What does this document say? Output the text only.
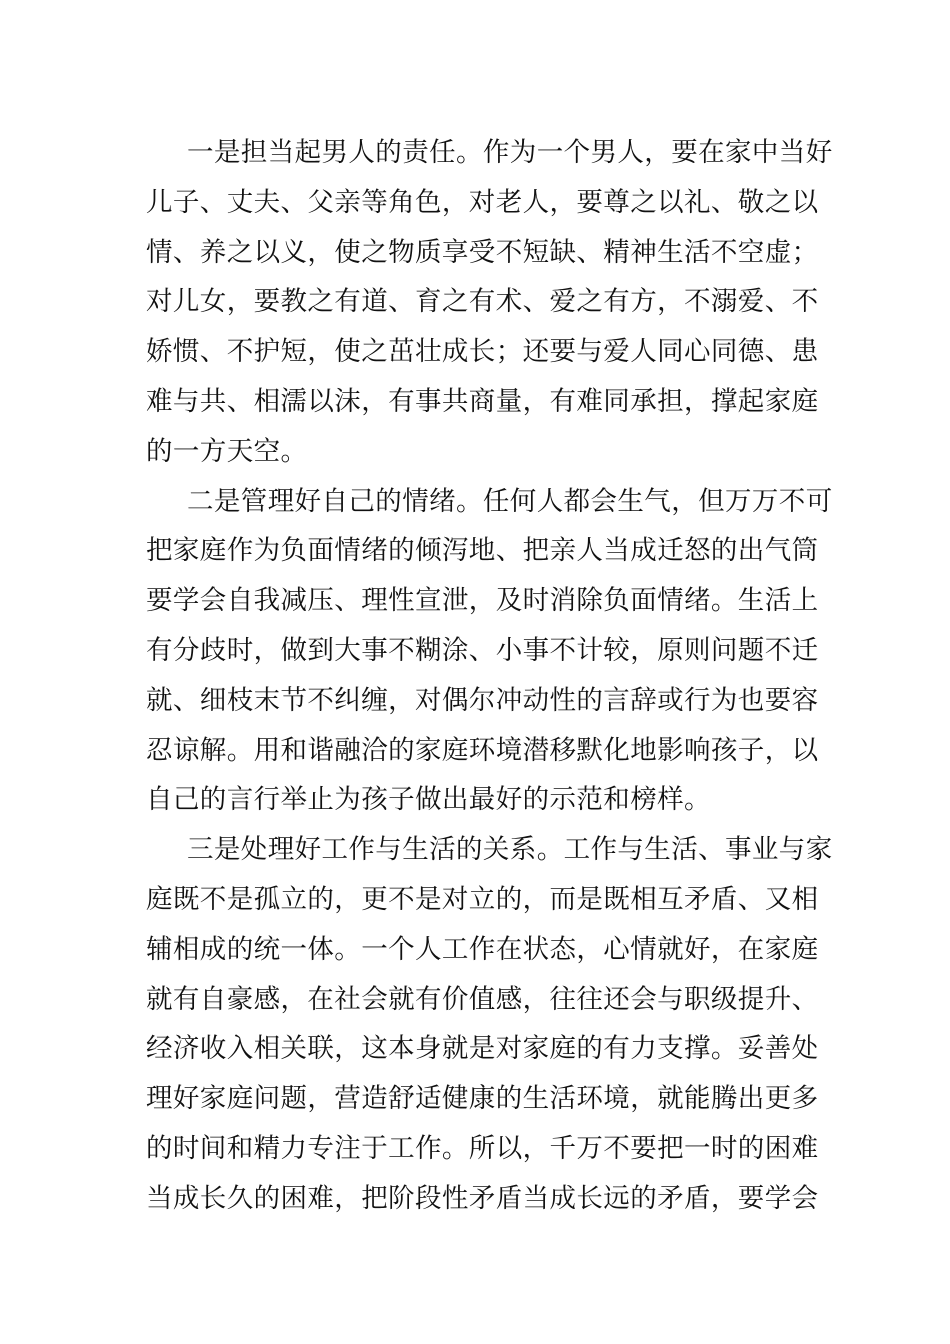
一是担当起男人的责任。作为一个男人，要在家中当好
儿子、丈夫、父亲等角色，对老人，要尊之以礼、敬之以
情、养之以义，使之物质享受不短缺、精神生活不空虚；
对儿女，要教之有道、育之有术、爱之有方，不溺爱、不
娇惯、不护短，使之茁壮成长；还要与爱人同心同德、患
难与共、相濡以沫，有事共商量，有难同承担，撑起家庭
的一方天空。
二是管理好自己的情绪。任何人都会生气，但万万不可
把家庭作为负面情绪的倾泻地、把亲人当成迁怒的出气筒
要学会自我减压、理性宣泄，及时消除负面情绪。生活上
有分歧时，做到大事不糊涂、小事不计较，原则问题不迁
就、细枝末节不纠缠，对偶尔冲动性的言辞或行为也要容
忍谅解。用和谐融洽的家庭环境潜移默化地影响孩子，以
自己的言行举止为孩子做出最好的示范和榜样。
三是处理好工作与生活的关系。工作与生活、事业与家
庭既不是孤立的，更不是对立的，而是既相互矛盾、又相
辅相成的统一体。一个人工作在状态，心情就好，在家庭
就有自豪感，在社会就有价值感，往往还会与职级提升、
经济收入相关联，这本身就是对家庭的有力支撑。妥善处
理好家庭问题，营造舒适健康的生活环境，就能腾出更多
的时间和精力专注于工作。所以，千万不要把一时的困难
当成长久的困难，把阶段性矛盾当成长远的矛盾，要学会
